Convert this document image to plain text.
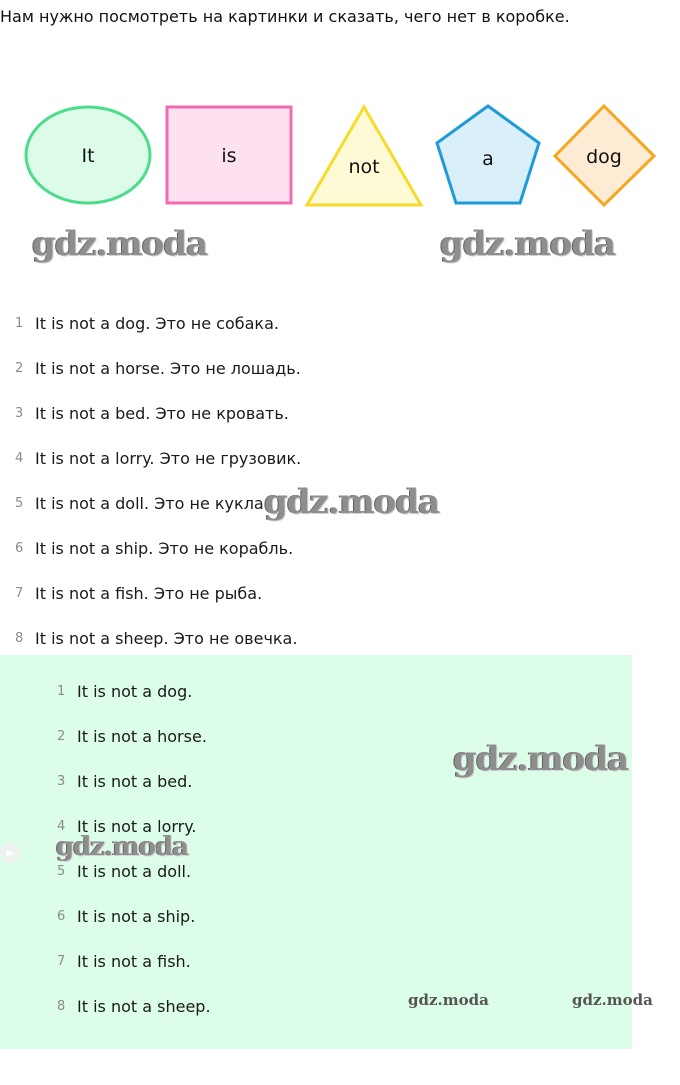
Нам нужно посмотреть на картинки и сказать, чего нет в коробке.
It	is	not	a	dog
gdz.moda	gdz.moda
1 It is not a dog. Это не собака.
2 It is not a horse. Это не лошадь.
3 It is not a bed. Это не кровать.
4 It is not a lorry. Это не грузовик.
5 It is not a doll. Это не кукла.
6 It is not a ship. Это не корабль.
7 It is not a fish. Это не рыба.
8 It is not a sheep. Это не овечка.
gdz.moda
1 It is not a dog.
2 It is not a horse.
3 It is not a bed.
4 It is not a lorry.
5 It is not a doll.
6 It is not a ship.
7 It is not a fish.
8 It is not a sheep.
gdz.moda
gdz.moda
gdz.moda	gdz.moda
▶
